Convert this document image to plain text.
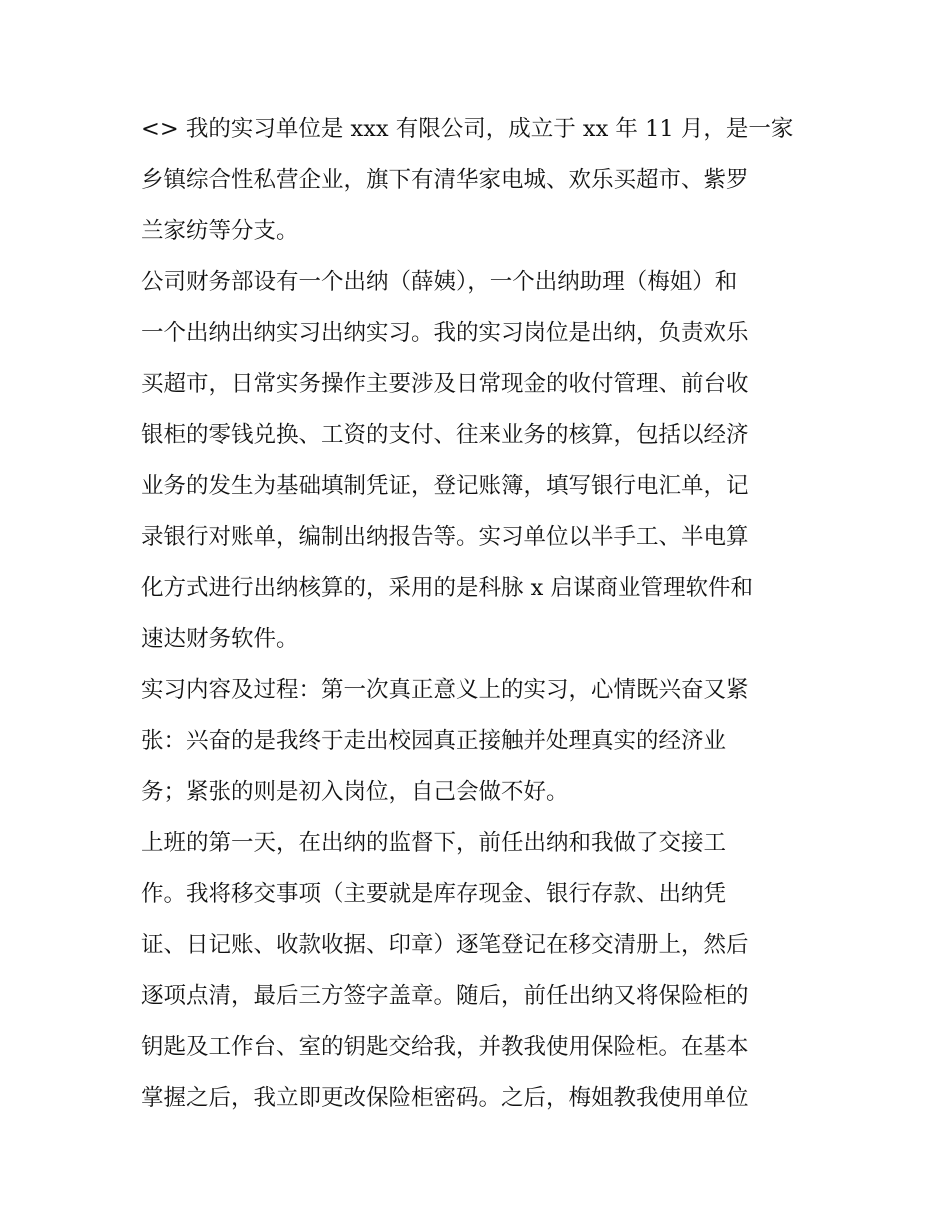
<> 我的实习单位是 xxx 有限公司，成立于 xx 年 11 月，是一家
乡镇综合性私营企业，旗下有清华家电城、欢乐买超市、紫罗
兰家纺等分支。
公司财务部设有一个出纳（薛姨），一个出纳助理（梅姐）和
一个出纳出纳实习出纳实习。我的实习岗位是出纳，负责欢乐
买超市，日常实务操作主要涉及日常现金的收付管理、前台收
银柜的零钱兑换、工资的支付、往来业务的核算，包括以经济
业务的发生为基础填制凭证，登记账簿，填写银行电汇单，记
录银行对账单，编制出纳报告等。实习单位以半手工、半电算
化方式进行出纳核算的，采用的是科脉 x 启谋商业管理软件和
速达财务软件。
实习内容及过程：第一次真正意义上的实习，心情既兴奋又紧
张：兴奋的是我终于走出校园真正接触并处理真实的经济业
务；紧张的则是初入岗位，自己会做不好。
上班的第一天，在出纳的监督下，前任出纳和我做了交接工
作。我将移交事项（主要就是库存现金、银行存款、出纳凭
证、日记账、收款收据、印章）逐笔登记在移交清册上，然后
逐项点清，最后三方签字盖章。随后，前任出纳又将保险柜的
钥匙及工作台、室的钥匙交给我，并教我使用保险柜。在基本
掌握之后，我立即更改保险柜密码。之后，梅姐教我使用单位
